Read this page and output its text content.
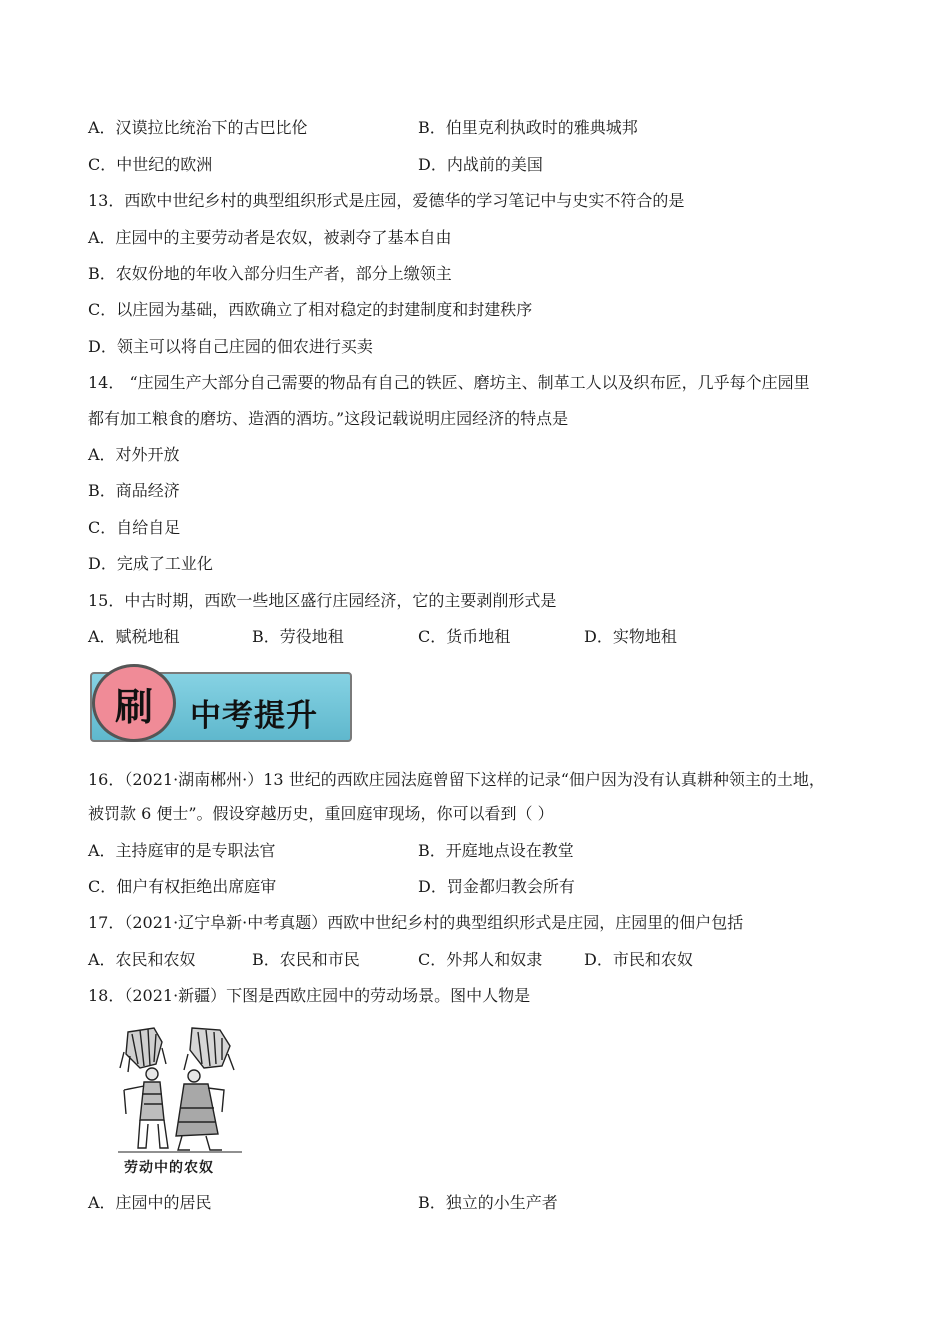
A．汉谟拉比统治下的古巴比伦	B．伯里克利执政时的雅典城邦
C．中世纪的欧洲	D．内战前的美国
13．西欧中世纪乡村的典型组织形式是庄园，爱德华的学习笔记中与史实不符合的是
A．庄园中的主要劳动者是农奴，被剥夺了基本自由
B．农奴份地的年收入部分归生产者，部分上缴领主
C．以庄园为基础，西欧确立了相对稳定的封建制度和封建秩序
D．领主可以将自己庄园的佃农进行买卖
14． “庄园生产大部分自己需要的物品有自己的铁匠、磨坊主、制革工人以及织布匠，几乎每个庄园里
都有加工粮食的磨坊、造酒的酒坊。”这段记载说明庄园经济的特点是
A．对外开放
B．商品经济
C．自给自足
D．完成了工业化
15．中古时期，西欧一些地区盛行庄园经济，它的主要剥削形式是
A．赋税地租	B．劳役地租	C．货币地租	D．实物地租
刷 中考提升
16．（2021·湖南郴州·）13 世纪的西欧庄园法庭曾留下这样的记录“佃户因为没有认真耕种领主的土地，
被罚款 6 便士”。假设穿越历史，重回庭审现场，你可以看到（ ）
A．主持庭审的是专职法官	B．开庭地点设在教堂
C．佃户有权拒绝出席庭审	D．罚金都归教会所有
17．（2021·辽宁阜新·中考真题）西欧中世纪乡村的典型组织形式是庄园，庄园里的佃户包括
A．农民和农奴	B．农民和市民	C．外邦人和奴隶	D．市民和农奴
18．（2021·新疆）下图是西欧庄园中的劳动场景。图中人物是
劳动中的农奴
A．庄园中的居民	B．独立的小生产者
